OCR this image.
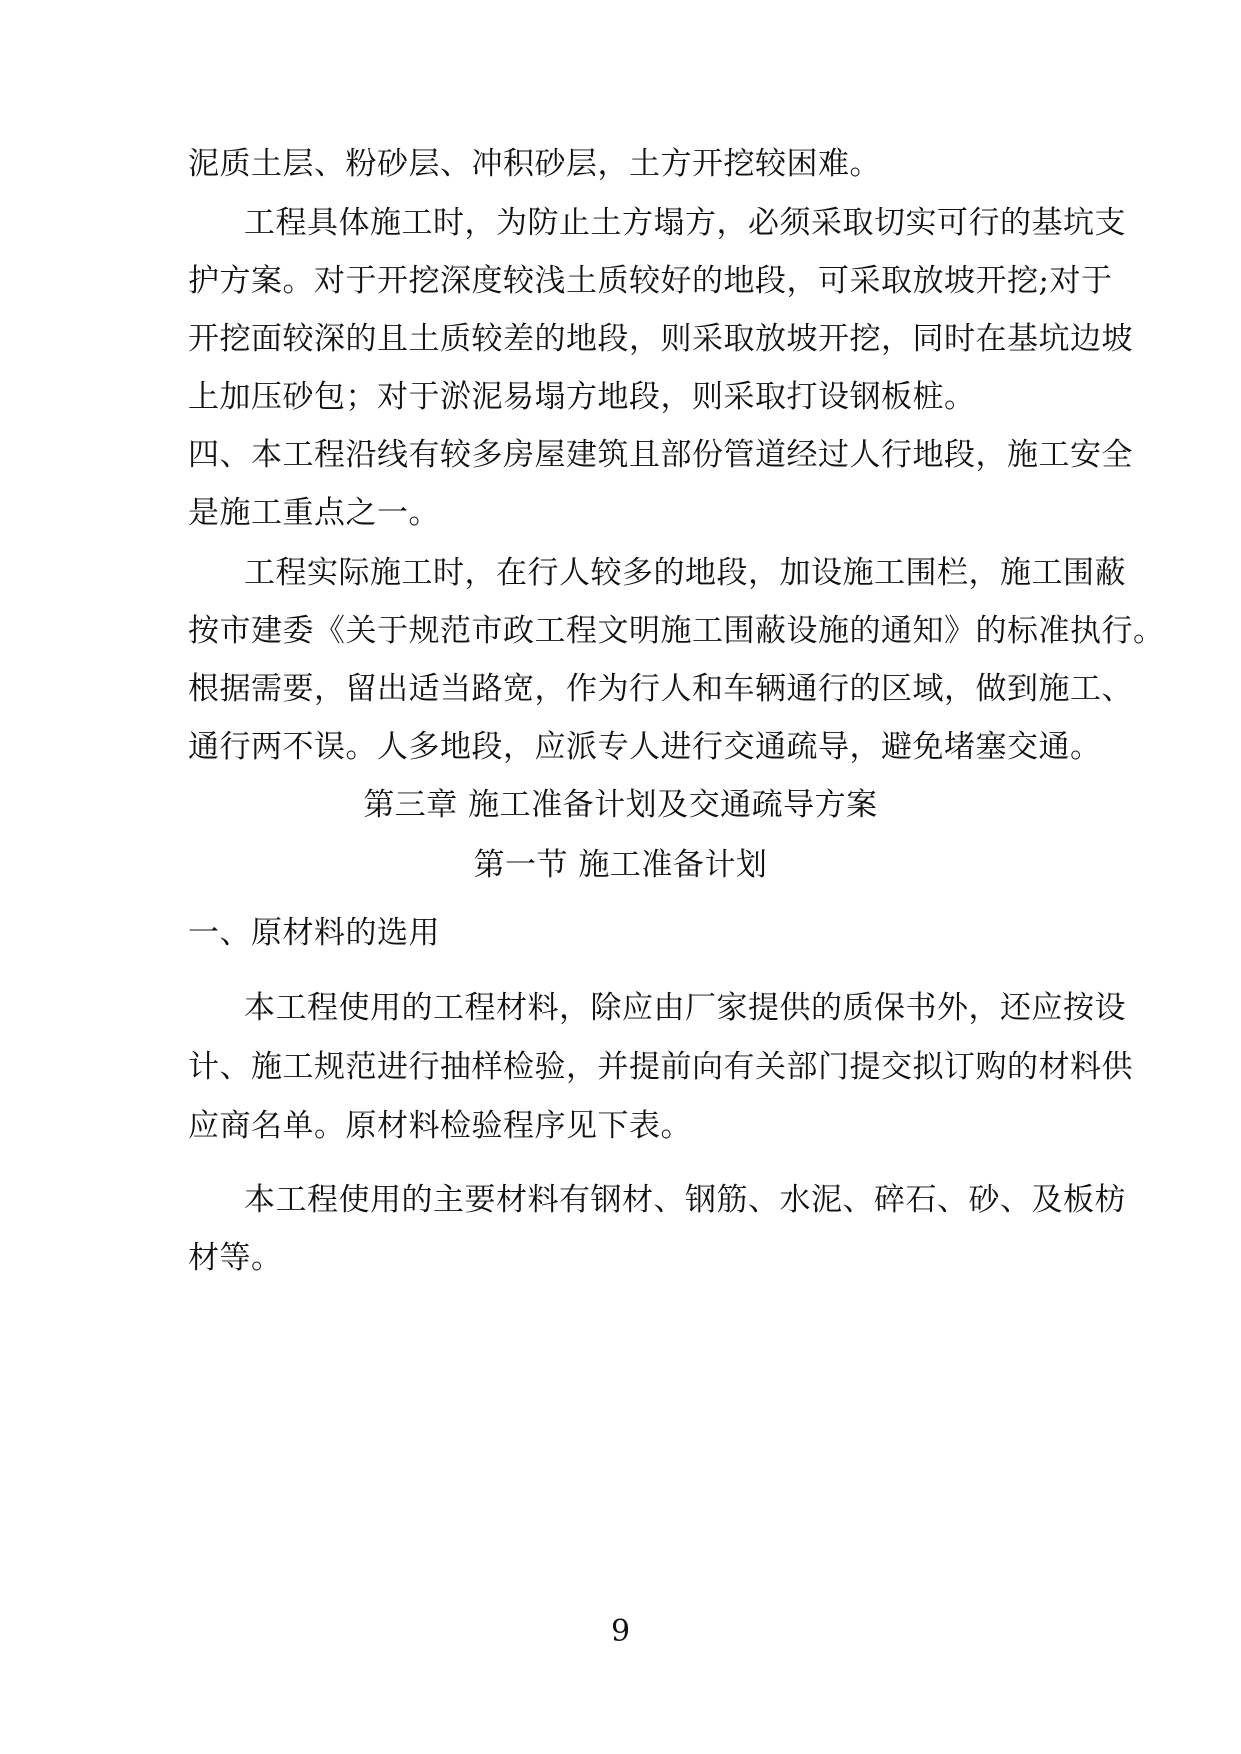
泥质土层、粉砂层、冲积砂层，土方开挖较困难。
工程具体施工时，为防止土方塌方，必须采取切实可行的基坑支
护方案。对于开挖深度较浅土质较好的地段，可采取放坡开挖;对于
开挖面较深的且土质较差的地段，则采取放坡开挖，同时在基坑边坡
上加压砂包；对于淤泥易塌方地段，则采取打设钢板桩。
四、本工程沿线有较多房屋建筑且部份管道经过人行地段，施工安全
是施工重点之一。
工程实际施工时，在行人较多的地段，加设施工围栏，施工围蔽
按市建委《关于规范市政工程文明施工围蔽设施的通知》的标准执行。
根据需要，留出适当路宽，作为行人和车辆通行的区域，做到施工、
通行两不误。人多地段，应派专人进行交通疏导，避免堵塞交通。
第三章 施工准备计划及交通疏导方案
第一节 施工准备计划
一、原材料的选用
本工程使用的工程材料，除应由厂家提供的质保书外，还应按设
计、施工规范进行抽样检验，并提前向有关部门提交拟订购的材料供
应商名单。原材料检验程序见下表。
本工程使用的主要材料有钢材、钢筋、水泥、碎石、砂、及板枋
材等。
9
